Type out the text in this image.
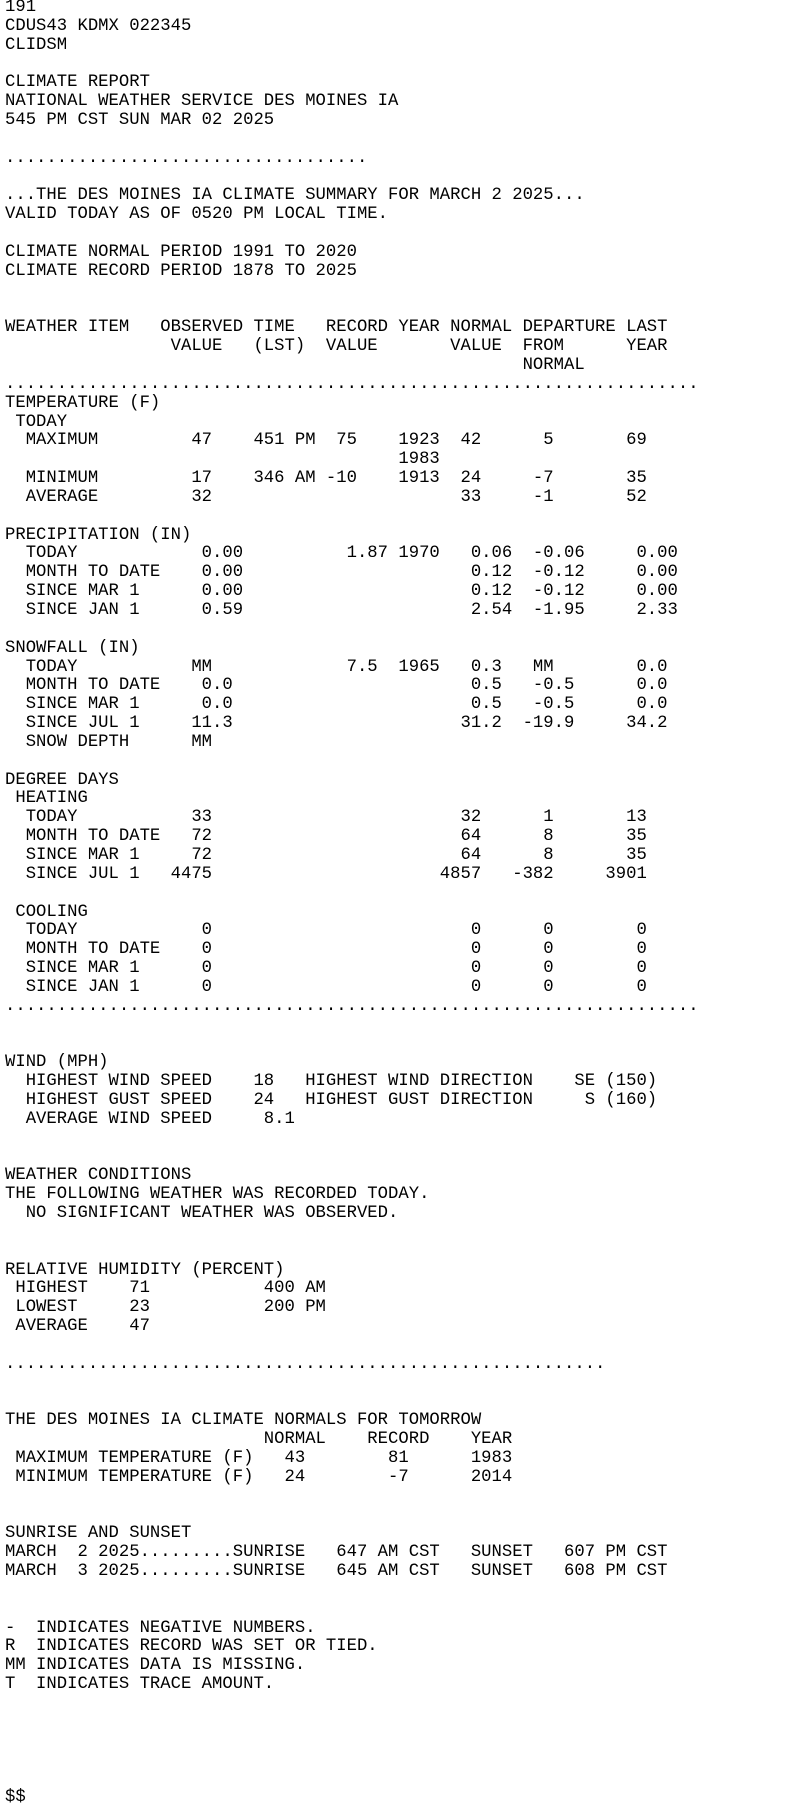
191
CDUS43 KDMX 022345
CLIDSM
CLIMATE REPORT
NATIONAL WEATHER SERVICE DES MOINES IA
545 PM CST SUN MAR 02 2025
...................................
...THE DES MOINES IA CLIMATE SUMMARY FOR MARCH 2 2025...
VALID TODAY AS OF 0520 PM LOCAL TIME.
CLIMATE NORMAL PERIOD 1991 TO 2020
CLIMATE RECORD PERIOD 1878 TO 2025
WEATHER ITEM   OBSERVED TIME   RECORD YEAR NORMAL DEPARTURE LAST
VALUE   (LST)  VALUE       VALUE  FROM      YEAR
NORMAL
...................................................................
TEMPERATURE (F)
TODAY
MAXIMUM         47    451 PM  75    1923  42      5       69
1983
MINIMUM         17    346 AM -10    1913  24     -7       35
AVERAGE         32                        33     -1       52
PRECIPITATION (IN)
TODAY            0.00          1.87 1970   0.06  -0.06     0.00
MONTH TO DATE    0.00                      0.12  -0.12     0.00
SINCE MAR 1      0.00                      0.12  -0.12     0.00
SINCE JAN 1      0.59                      2.54  -1.95     2.33
SNOWFALL (IN)
TODAY           MM             7.5  1965   0.3   MM        0.0
MONTH TO DATE    0.0                       0.5   -0.5      0.0
SINCE MAR 1      0.0                       0.5   -0.5      0.0
SINCE JUL 1     11.3                      31.2  -19.9     34.2
SNOW DEPTH      MM
DEGREE DAYS
HEATING
TODAY           33                        32      1       13
MONTH TO DATE   72                        64      8       35
SINCE MAR 1     72                        64      8       35
SINCE JUL 1   4475                      4857   -382     3901
COOLING
TODAY            0                         0      0        0
MONTH TO DATE    0                         0      0        0
SINCE MAR 1      0                         0      0        0
SINCE JAN 1      0                         0      0        0
...................................................................
WIND (MPH)
HIGHEST WIND SPEED    18   HIGHEST WIND DIRECTION    SE (150)
HIGHEST GUST SPEED    24   HIGHEST GUST DIRECTION     S (160)
AVERAGE WIND SPEED     8.1
WEATHER CONDITIONS
THE FOLLOWING WEATHER WAS RECORDED TODAY.
NO SIGNIFICANT WEATHER WAS OBSERVED.
RELATIVE HUMIDITY (PERCENT)
HIGHEST    71           400 AM
LOWEST     23           200 PM
AVERAGE    47
..........................................................
THE DES MOINES IA CLIMATE NORMALS FOR TOMORROW
NORMAL    RECORD    YEAR
MAXIMUM TEMPERATURE (F)   43        81      1983
MINIMUM TEMPERATURE (F)   24        -7      2014
SUNRISE AND SUNSET
MARCH  2 2025.........SUNRISE   647 AM CST   SUNSET   607 PM CST
MARCH  3 2025.........SUNRISE   645 AM CST   SUNSET   608 PM CST
-  INDICATES NEGATIVE NUMBERS.
R  INDICATES RECORD WAS SET OR TIED.
MM INDICATES DATA IS MISSING.
T  INDICATES TRACE AMOUNT.
$$
